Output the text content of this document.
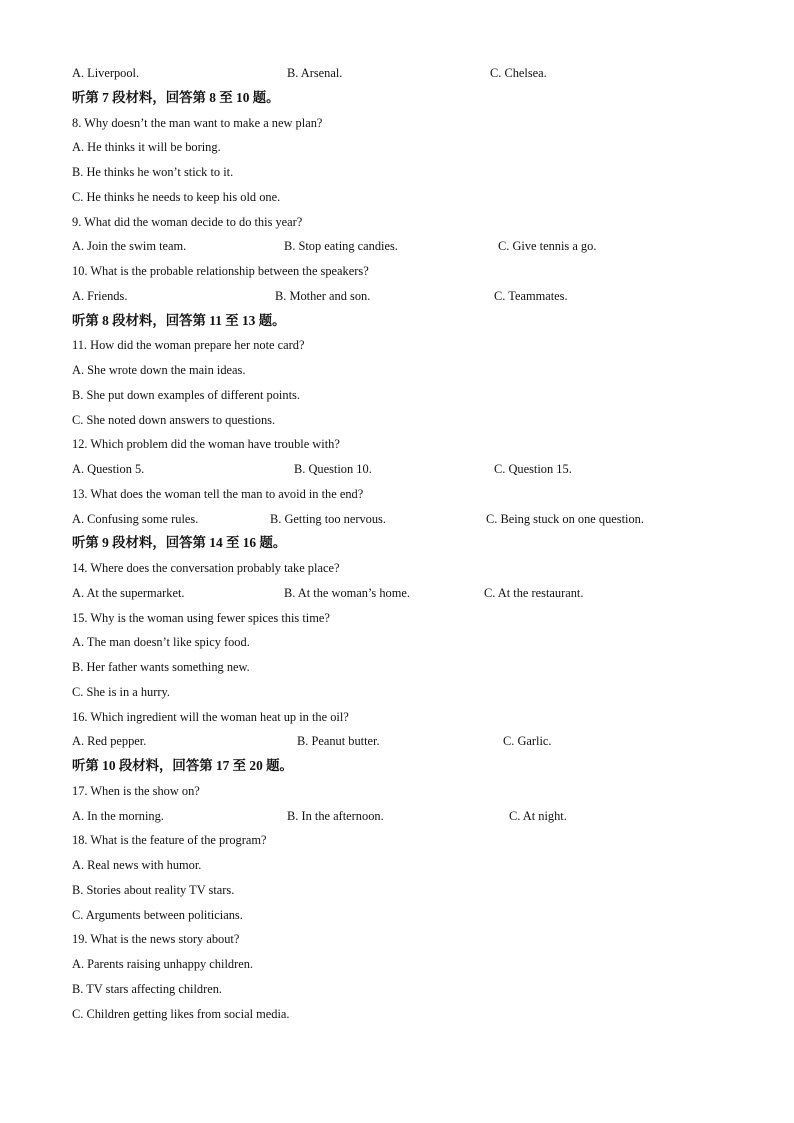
A. Liverpool.	B. Arsenal.	C. Chelsea.
听第 7 段材料，回答第 8 至 10 题。
8. Why doesn’t the man want to make a new plan?
A. He thinks it will be boring.
B. He thinks he won’t stick to it.
C. He thinks he needs to keep his old one.
9. What did the woman decide to do this year?
A. Join the swim team.	B. Stop eating candies.	C. Give tennis a go.
10. What is the probable relationship between the speakers?
A. Friends.	B. Mother and son.	C. Teammates.
听第 8 段材料，回答第 11 至 13 题。
11. How did the woman prepare her note card?
A. She wrote down the main ideas.
B. She put down examples of different points.
C. She noted down answers to questions.
12. Which problem did the woman have trouble with?
A. Question 5.	B. Question 10.	C. Question 15.
13. What does the woman tell the man to avoid in the end?
A. Confusing some rules.	B. Getting too nervous.	C. Being stuck on one question.
听第 9 段材料，回答第 14 至 16 题。
14. Where does the conversation probably take place?
A. At the supermarket.	B. At the woman’s home.	C. At the restaurant.
15. Why is the woman using fewer spices this time?
A. The man doesn’t like spicy food.
B. Her father wants something new.
C. She is in a hurry.
16. Which ingredient will the woman heat up in the oil?
A. Red pepper.	B. Peanut butter.	C. Garlic.
听第 10 段材料，回答第 17 至 20 题。
17. When is the show on?
A. In the morning.	B. In the afternoon.	C. At night.
18. What is the feature of the program?
A. Real news with humor.
B. Stories about reality TV stars.
C. Arguments between politicians.
19. What is the news story about?
A. Parents raising unhappy children.
B. TV stars affecting children.
C. Children getting likes from social media.
